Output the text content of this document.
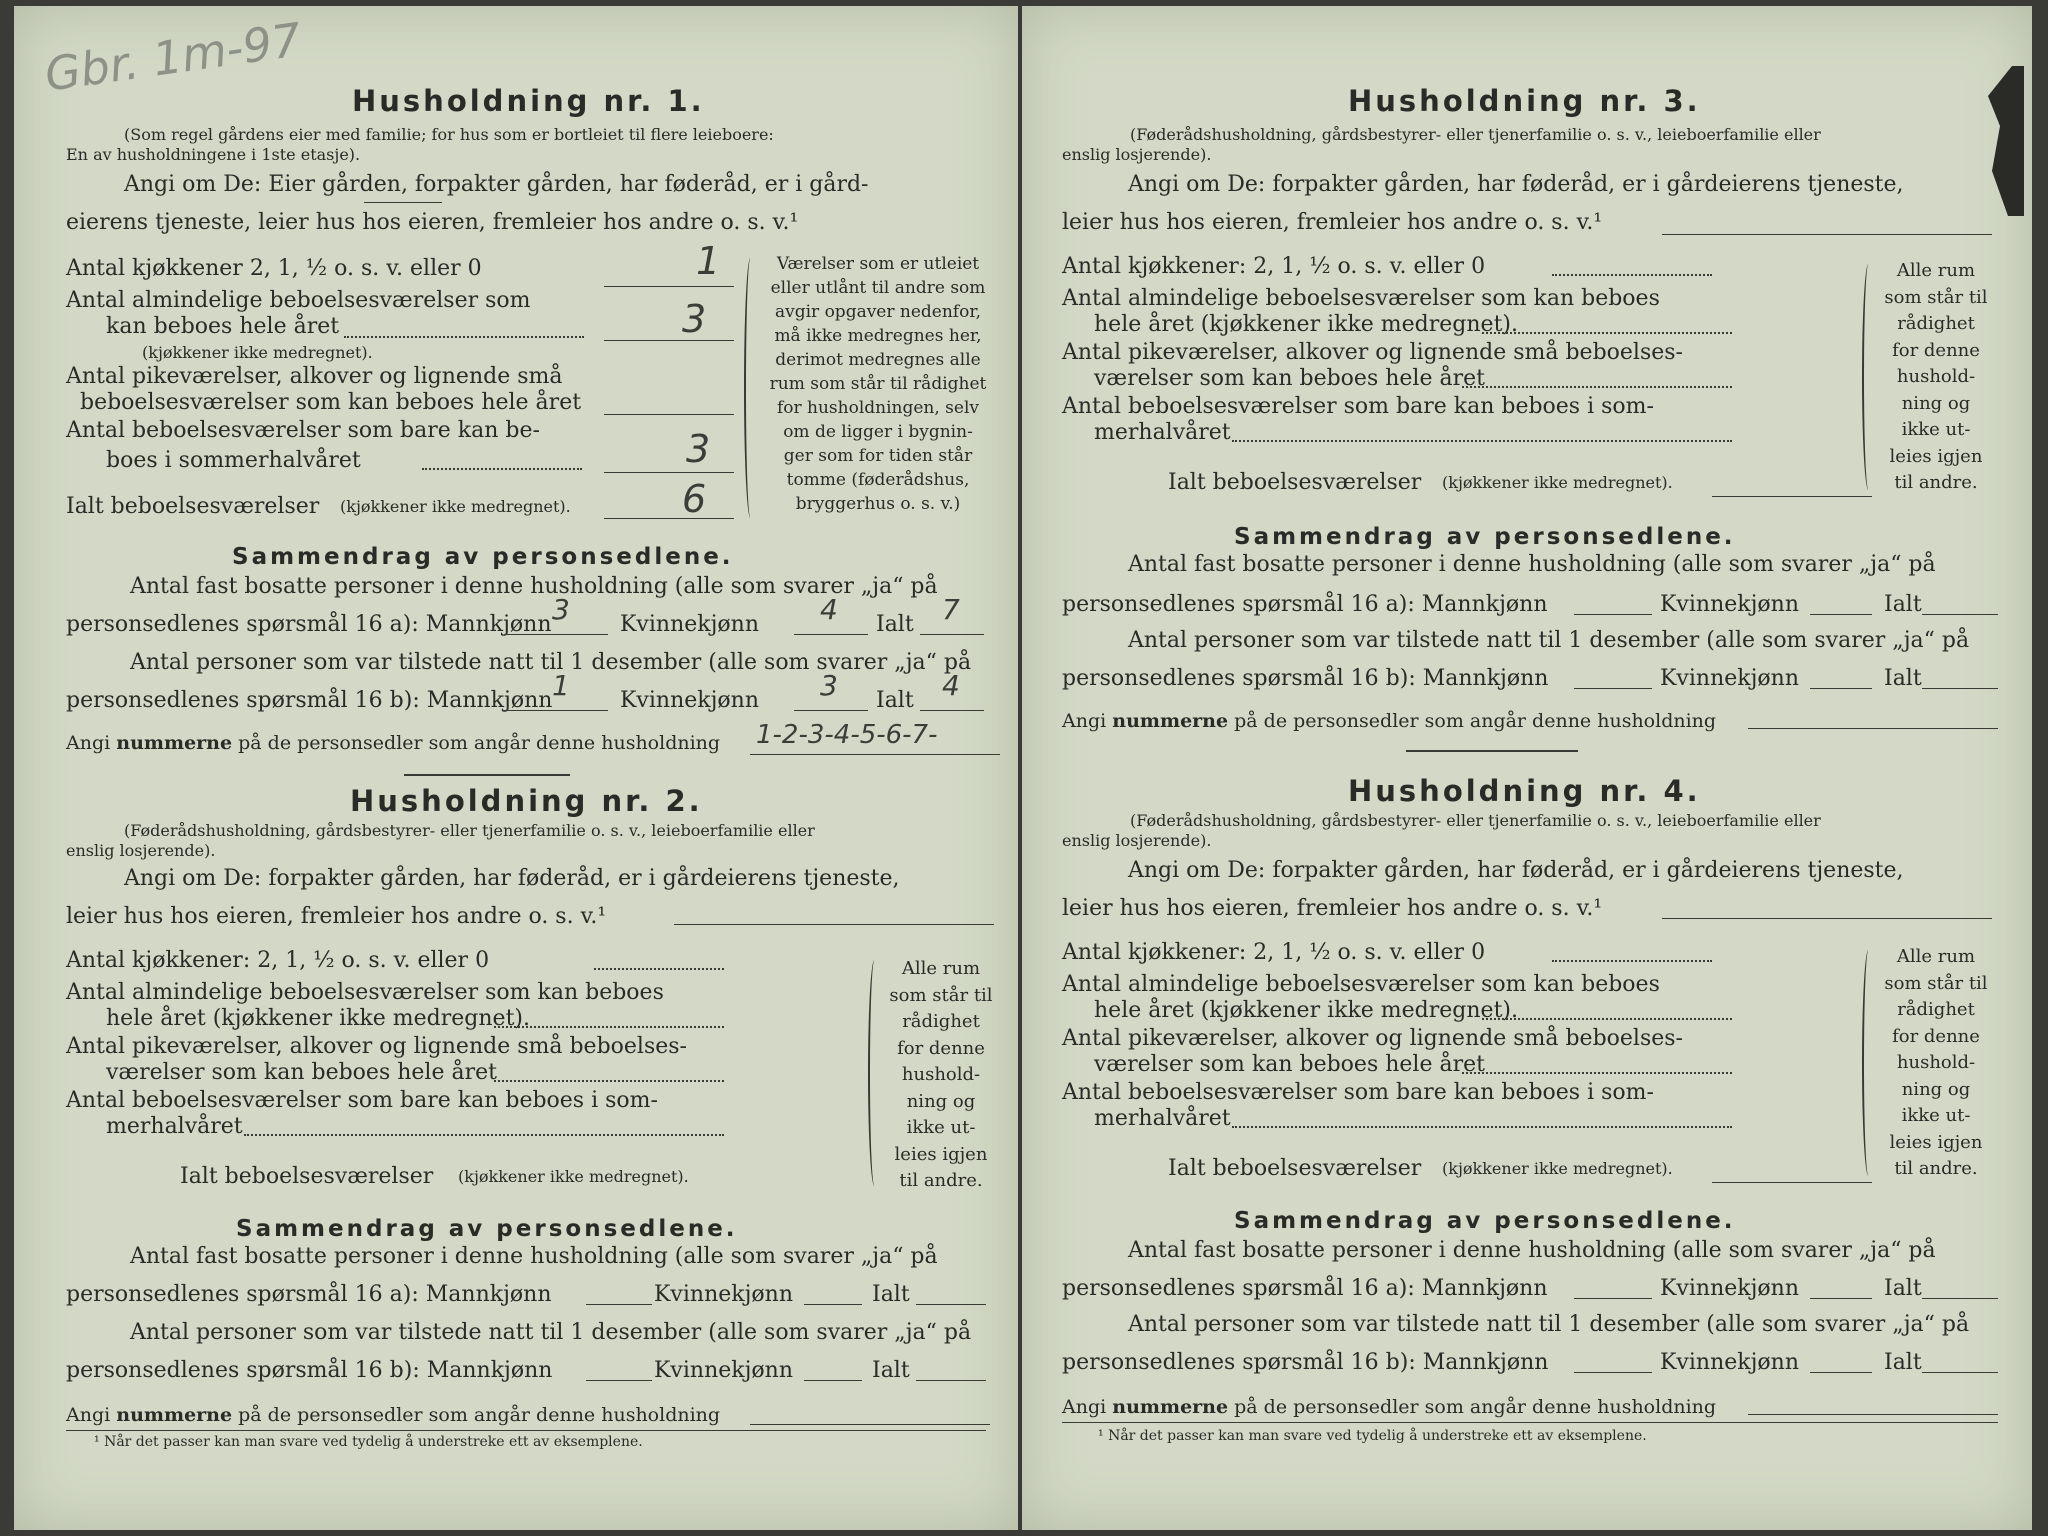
Gbr. 1m-97 Husholdning nr. 1.
(Som regel gårdens eier med familie; for hus som er bortleiet til flere leieboere:
En av husholdningene i 1ste etasje).
Angi om De: Eier gården, forpakter gården, har føderåd, er i gård-
eierens tjeneste, leier hus hos eieren, fremleier hos andre o. s. v.¹
Antal kjøkkener 2, 1, ½ o. s. v. eller 0	1
Antal almindelige beboelsesværelser som
kan beboes hele året	3
(kjøkkener ikke medregnet).
Antal pikeværelser, alkover og lignende små
beboelsesværelser som kan beboes hele året
Antal beboelsesværelser som bare kan be-
boes i sommerhalvåret	3
Ialt beboelsesværelser (kjøkkener ikke medregnet).	6
Værelser som er utleiet
eller utlånt til andre som
avgir opgaver nedenfor,
må ikke medregnes her,
derimot medregnes alle
rum som står til rådighet
for husholdningen, selv
om de ligger i bygnin-
ger som for tiden står
tomme (føderådshus,
bryggerhus o. s. v.)
Sammendrag av personsedlene.
Antal fast bosatte personer i denne husholdning (alle som svarer „ja“ på
personsedlenes spørsmål 16 a): Mannkjønn 3 Kvinnekjønn 4 Ialt 7
Antal personer som var tilstede natt til 1 desember (alle som svarer „ja“ på
personsedlenes spørsmål 16 b): Mannkjønn 1 Kvinnekjønn 3 Ialt 4
Angi nummerne på de personsedler som angår denne husholdning 1-2-3-4-5-6-7-
Husholdning nr. 2.
(Føderådshusholdning, gårdsbestyrer- eller tjenerfamilie o. s. v., leieboerfamilie eller
enslig losjerende).
Angi om De: forpakter gården, har føderåd, er i gårdeierens tjeneste,
leier hus hos eieren, fremleier hos andre o. s. v.¹
Antal kjøkkener: 2, 1, ½ o. s. v. eller 0
Antal almindelige beboelsesværelser som kan beboes
hele året (kjøkkener ikke medregnet).
Antal pikeværelser, alkover og lignende små beboelses-
værelser som kan beboes hele året
Antal beboelsesværelser som bare kan beboes i som-
merhalvåret
Ialt beboelsesværelser (kjøkkener ikke medregnet).
Alle rum
som står til
rådighet
for denne
hushold-
ning og
ikke ut-
leies igjen
til andre.
Sammendrag av personsedlene.
Antal fast bosatte personer i denne husholdning (alle som svarer „ja“ på
personsedlenes spørsmål 16 a): Mannkjønn	Kvinnekjønn	Ialt
Antal personer som var tilstede natt til 1 desember (alle som svarer „ja“ på
personsedlenes spørsmål 16 b): Mannkjønn	Kvinnekjønn	Ialt
Angi nummerne på de personsedler som angår denne husholdning
¹ Når det passer kan man svare ved tydelig å understreke ett av eksemplene.
Husholdning nr. 3.
(Føderådshusholdning, gårdsbestyrer- eller tjenerfamilie o. s. v., leieboerfamilie eller
enslig losjerende).
Angi om De: forpakter gården, har føderåd, er i gårdeierens tjeneste,
leier hus hos eieren, fremleier hos andre o. s. v.¹
Antal kjøkkener: 2, 1, ½ o. s. v. eller 0
Antal almindelige beboelsesværelser som kan beboes
hele året (kjøkkener ikke medregnet).
Antal pikeværelser, alkover og lignende små beboelses-
værelser som kan beboes hele året
Antal beboelsesværelser som bare kan beboes i som-
merhalvåret
Ialt beboelsesværelser (kjøkkener ikke medregnet).
Alle rum
som står til
rådighet
for denne
hushold-
ning og
ikke ut-
leies igjen
til andre.
Sammendrag av personsedlene.
Antal fast bosatte personer i denne husholdning (alle som svarer „ja“ på
personsedlenes spørsmål 16 a): Mannkjønn	Kvinnekjønn	Ialt
Antal personer som var tilstede natt til 1 desember (alle som svarer „ja“ på
personsedlenes spørsmål 16 b): Mannkjønn	Kvinnekjønn	Ialt
Angi nummerne på de personsedler som angår denne husholdning
Husholdning nr. 4.
(Føderådshusholdning, gårdsbestyrer- eller tjenerfamilie o. s. v., leieboerfamilie eller
enslig losjerende).
Angi om De: forpakter gården, har føderåd, er i gårdeierens tjeneste,
leier hus hos eieren, fremleier hos andre o. s. v.¹
Antal kjøkkener: 2, 1, ½ o. s. v. eller 0
Antal almindelige beboelsesværelser som kan beboes
hele året (kjøkkener ikke medregnet).
Antal pikeværelser, alkover og lignende små beboelses-
værelser som kan beboes hele året
Antal beboelsesværelser som bare kan beboes i som-
merhalvåret
Ialt beboelsesværelser (kjøkkener ikke medregnet).
Alle rum
som står til
rådighet
for denne
hushold-
ning og
ikke ut-
leies igjen
til andre.
Sammendrag av personsedlene.
Antal fast bosatte personer i denne husholdning (alle som svarer „ja“ på
personsedlenes spørsmål 16 a): Mannkjønn	Kvinnekjønn	Ialt
Antal personer som var tilstede natt til 1 desember (alle som svarer „ja“ på
personsedlenes spørsmål 16 b): Mannkjønn	Kvinnekjønn	Ialt
Angi nummerne på de personsedler som angår denne husholdning
¹ Når det passer kan man svare ved tydelig å understreke ett av eksemplene.
